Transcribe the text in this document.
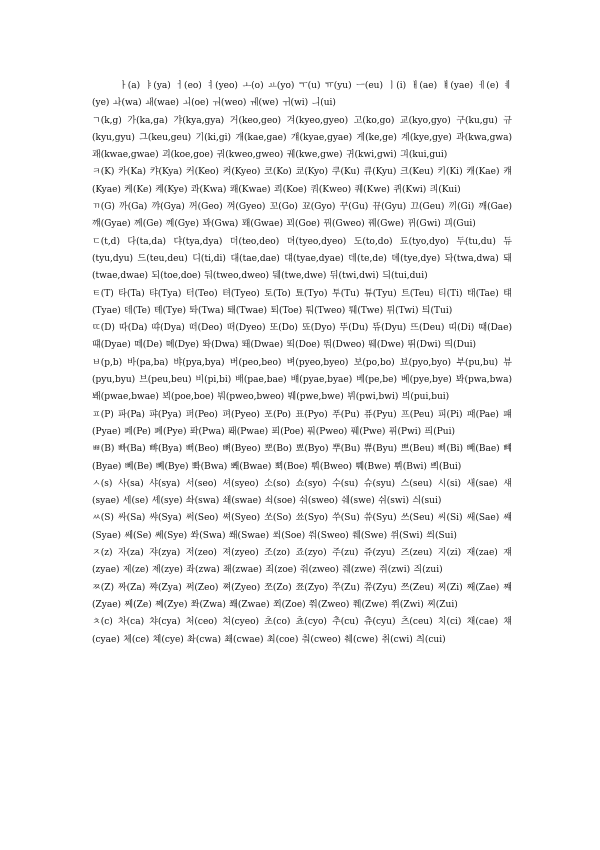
ㅏ(a) ㅑ(ya) ㅓ(eo) ㅕ(yeo) ㅗ(o) ㅛ(yo) ㅜ(u) ㅠ(yu) ㅡ(eu) ㅣ(i) ㅐ(ae) ㅒ(yae) ㅔ(e) ㅖ(ye) ㅘ(wa) ㅙ(wae) ㅚ(oe) ㅝ(weo) ㅞ(we) ㅟ(wi) ㅢ(ui)

ㄱ(k,g) 가(ka,ga) 갸(kya,gya) 거(keo,geo) 겨(kyeo,gyeo) 고(ko,go) 교(kyo,gyo) 구(ku,gu) 규(kyu,gyu) 그(keu,geu) 기(ki,gi) 개(kae,gae) 걔(kyae,gyae) 게(ke,ge) 계(kye,gye) 과(kwa,gwa) 괘(kwae,gwae) 괴(koe,goe) 궈(kweo,gweo) 궤(kwe,gwe) 귀(kwi,gwi) 긔(kui,gui)

ㅋ(K) 카(Ka) 캬(Kya) 커(Keo) 켜(Kyeo) 코(Ko) 쿄(Kyo) 쿠(Ku) 큐(Kyu) 크(Keu) 키(Ki) 캐(Kae) 컈(Kyae) 케(Ke) 켸(Kye) 콰(Kwa) 쾌(Kwae) 쾨(Koe) 쿼(Kweo) 퀘(Kwe) 퀴(Kwi) 킈(Kui)

ㄲ(G) 까(Ga) 꺄(Gya) 꺼(Geo) 껴(Gyeo) 꼬(Go) 꾜(Gyo) 꾸(Gu) 뀨(Gyu) 끄(Geu) 끼(Gi) 깨(Gae) 꺠(Gyae) 께(Ge) 꼐(Gye) 꽈(Gwa) 꽤(Gwae) 꾀(Goe) 꿔(Gweo) 꿰(Gwe) 뀌(Gwi) 끠(Gui)

ㄷ(t,d) 다(ta,da) 댜(tya,dya) 더(teo,deo) 뎌(tyeo,dyeo) 도(to,do) 됴(tyo,dyo) 두(tu,du) 듀(tyu,dyu) 드(teu,deu) 디(ti,di) 대(tae,dae) 댸(tyae,dyae) 데(te,de) 뎨(tye,dye) 돠(twa,dwa) 돼(twae,dwae) 되(toe,doe) 둬(tweo,dweo) 뒈(twe,dwe) 뒤(twi,dwi) 듸(tui,dui)

ㅌ(T) 타(Ta) 탸(Tya) 터(Teo) 텨(Tyeo) 토(To) 툐(Tyo) 투(Tu) 튜(Tyu) 트(Teu) 티(Ti) 태(Tae) 턔(Tyae) 테(Te) 톄(Tye) 톼(Twa) 퇘(Twae) 퇴(Toe) 퉈(Tweo) 퉤(Twe) 튀(Twi) 틔(Tui)

ㄸ(D) 따(Da) 땨(Dya) 떠(Deo) 뗘(Dyeo) 또(Do) 뚀(Dyo) 뚜(Du) 뜌(Dyu) 뜨(Deu) 띠(Di) 때(Dae) 떄(Dyae) 떼(De) 뗴(Dye) 똬(Dwa) 뙈(Dwae) 뙤(Doe) 뚸(Dweo) 뛔(Dwe) 뛰(Dwi) 띄(Dui)

ㅂ(p,b) 바(pa,ba) 뱌(pya,bya) 버(peo,beo) 벼(pyeo,byeo) 보(po,bo) 뵤(pyo,byo) 부(pu,bu) 뷰(pyu,byu) 브(peu,beu) 비(pi,bi) 배(pae,bae) 뱨(pyae,byae) 베(pe,be) 볘(pye,bye) 봐(pwa,bwa) 봬(pwae,bwae) 뵈(poe,boe) 붜(pweo,bweo) 붸(pwe,bwe) 뷔(pwi,bwi) 븨(pui,bui)

ㅍ(P) 파(Pa) 퍄(Pya) 퍼(Peo) 펴(Pyeo) 포(Po) 표(Pyo) 푸(Pu) 퓨(Pyu) 프(Peu) 피(Pi) 패(Pae) 퍠(Pyae) 페(Pe) 폐(Pye) 퐈(Pwa) 퐤(Pwae) 푀(Poe) 풔(Pweo) 풰(Pwe) 퓌(Pwi) 픠(Pui)

ㅃ(B) 빠(Ba) 뺘(Bya) 뻐(Beo) 뼈(Byeo) 뽀(Bo) 뾰(Byo) 뿌(Bu) 쀼(Byu) 쁘(Beu) 삐(Bi) 빼(Bae) 뺴(Byae) 뻬(Be) 뼤(Bye) 뽜(Bwa) 뽸(Bwae) 뾔(Boe) 뿨(Bweo) 쀄(Bwe) 쀠(Bwi) 쁴(Bui)

ㅅ(s) 사(sa) 샤(sya) 서(seo) 셔(syeo) 소(so) 쇼(syo) 수(su) 슈(syu) 스(seu) 시(si) 새(sae) 섀(syae) 세(se) 셰(sye) 솨(swa) 쇄(swae) 쇠(soe) 숴(sweo) 쉐(swe) 쉬(swi) 싀(sui)

ㅆ(S) 싸(Sa) 쌰(Sya) 써(Seo) 쎠(Syeo) 쏘(So) 쑈(Syo) 쑤(Su) 쓔(Syu) 쓰(Seu) 씨(Si) 쌔(Sae) 썌(Syae) 쎄(Se) 쎼(Sye) 쏴(Swa) 쐐(Swae) 쐬(Soe) 쒀(Sweo) 쒜(Swe) 쒸(Swi) 씌(Sui)

ㅈ(z) 자(za) 쟈(zya) 저(zeo) 져(zyeo) 조(zo) 죠(zyo) 주(zu) 쥬(zyu) 즈(zeu) 지(zi) 재(zae) 쟤(zyae) 제(ze) 졔(zye) 좌(zwa) 좨(zwae) 죄(zoe) 줘(zweo) 줴(zwe) 쥐(zwi) 즤(zui)

ㅉ(Z) 짜(Za) 쨔(Zya) 쩌(Zeo) 쪄(Zyeo) 쪼(Zo) 쬬(Zyo) 쭈(Zu) 쮸(Zyu) 쯔(Zeu) 찌(Zi) 째(Zae) 쨰(Zyae) 쩨(Ze) 쪠(Zye) 쫘(Zwa) 쫴(Zwae) 쬐(Zoe) 쭤(Zweo) 쮀(Zwe) 쮜(Zwi) 찌(Zui)

ㅊ(c) 차(ca) 챠(cya) 처(ceo) 쳐(cyeo) 초(co) 쵸(cyo) 추(cu) 츄(cyu) 츠(ceu) 치(ci) 채(cae) 챼(cyae) 체(ce) 쳬(cye) 촤(cwa) 쵀(cwae) 최(coe) 춰(cweo) 췌(cwe) 취(cwi) 츼(cui)
